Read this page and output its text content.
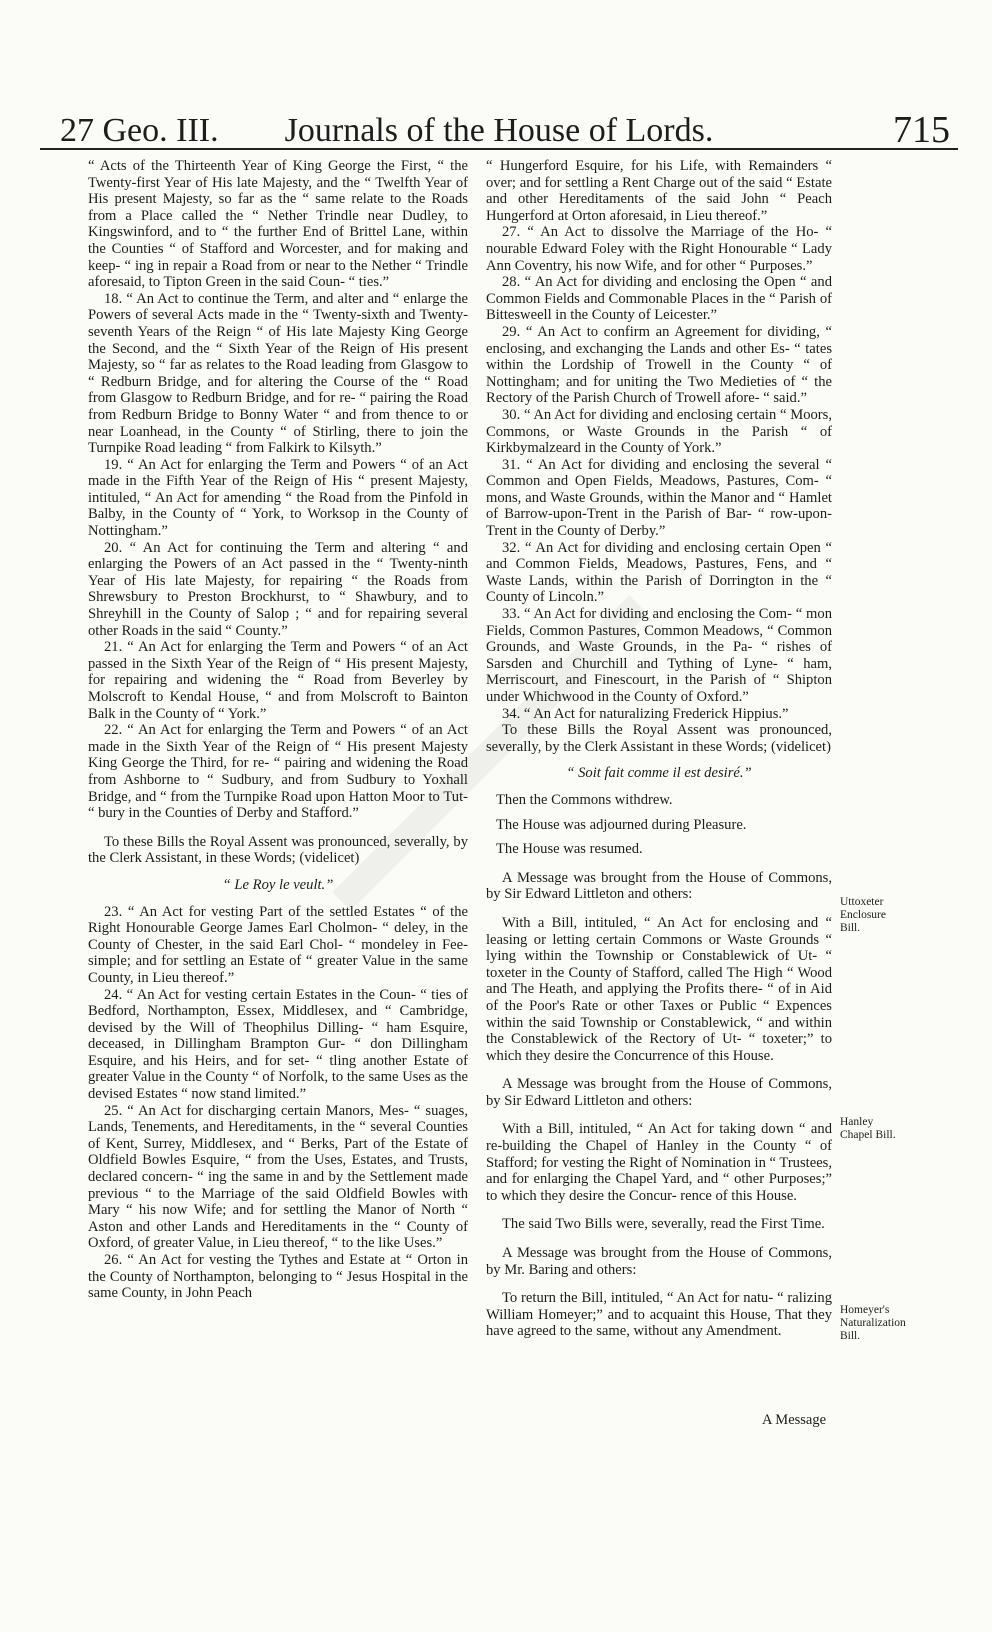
27 Geo. III.	Journals of the House of Lords.	715

“ Acts of the Thirteenth Year of King George the First, “ the Twenty-first Year of His late Majesty, and the “ Twelfth Year of His present Majesty, so far as the “ same relate to the Roads from a Place called the “ Nether Trindle near Dudley, to Kingswinford, and to “ the further End of Brittel Lane, within the Counties “ of Stafford and Worcester, and for making and keep- “ ing in repair a Road from or near to the Nether “ Trindle aforesaid, to Tipton Green in the said Coun- “ ties.”

18. “ An Act to continue the Term, and alter and “ enlarge the Powers of several Acts made in the “ Twenty-sixth and Twenty-seventh Years of the Reign “ of His late Majesty King George the Second, and the “ Sixth Year of the Reign of His present Majesty, so “ far as relates to the Road leading from Glasgow to “ Redburn Bridge, and for altering the Course of the “ Road from Glasgow to Redburn Bridge, and for re- “ pairing the Road from Redburn Bridge to Bonny Water “ and from thence to or near Loanhead, in the County “ of Stirling, there to join the Turnpike Road leading “ from Falkirk to Kilsyth.”

19. “ An Act for enlarging the Term and Powers “ of an Act made in the Fifth Year of the Reign of His “ present Majesty, intituled, “ An Act for amending “ the Road from the Pinfold in Balby, in the County of “ York, to Worksop in the County of Nottingham.”

20. “ An Act for continuing the Term and altering “ and enlarging the Powers of an Act passed in the “ Twenty-ninth Year of His late Majesty, for repairing “ the Roads from Shrewsbury to Preston Brockhurst, to “ Shawbury, and to Shreyhill in the County of Salop ; “ and for repairing several other Roads in the said “ County.”

21. “ An Act for enlarging the Term and Powers “ of an Act passed in the Sixth Year of the Reign of “ His present Majesty, for repairing and widening the “ Road from Beverley by Molscroft to Kendal House, “ and from Molscroft to Bainton Balk in the County of “ York.”

22. “ An Act for enlarging the Term and Powers “ of an Act made in the Sixth Year of the Reign of “ His present Majesty King George the Third, for re- “ pairing and widening the Road from Ashborne to “ Sudbury, and from Sudbury to Yoxhall Bridge, and “ from the Turnpike Road upon Hatton Moor to Tut- “ bury in the Counties of Derby and Stafford.”

To these Bills the Royal Assent was pronounced, severally, by the Clerk Assistant, in these Words; (videlicet)

“ Le Roy le veult.”

23. “ An Act for vesting Part of the settled Estates “ of the Right Honourable George James Earl Cholmon- “ deley, in the County of Chester, in the said Earl Chol- “ mondeley in Fee-simple; and for settling an Estate of “ greater Value in the same County, in Lieu thereof.”

24. “ An Act for vesting certain Estates in the Coun- “ ties of Bedford, Northampton, Essex, Middlesex, and “ Cambridge, devised by the Will of Theophilus Dilling- “ ham Esquire, deceased, in Dillingham Brampton Gur- “ don Dillingham Esquire, and his Heirs, and for set- “ tling another Estate of greater Value in the County “ of Norfolk, to the same Uses as the devised Estates “ now stand limited.”

25. “ An Act for discharging certain Manors, Mes- “ suages, Lands, Tenements, and Hereditaments, in the “ several Counties of Kent, Surrey, Middlesex, and “ Berks, Part of the Estate of Oldfield Bowles Esquire, “ from the Uses, Estates, and Trusts, declared concern- “ ing the same in and by the Settlement made previous “ to the Marriage of the said Oldfield Bowles with Mary “ his now Wife; and for settling the Manor of North “ Aston and other Lands and Hereditaments in the “ County of Oxford, of greater Value, in Lieu thereof, “ to the like Uses.”

26. “ An Act for vesting the Tythes and Estate at “ Orton in the County of Northampton, belonging to “ Jesus Hospital in the same County, in John Peach

“ Hungerford Esquire, for his Life, with Remainders “ over; and for settling a Rent Charge out of the said “ Estate and other Hereditaments of the said John “ Peach Hungerford at Orton aforesaid, in Lieu thereof.”

27. “ An Act to dissolve the Marriage of the Ho- “ nourable Edward Foley with the Right Honourable “ Lady Ann Coventry, his now Wife, and for other “ Purposes.”

28. “ An Act for dividing and enclosing the Open “ and Common Fields and Commonable Places in the “ Parish of Bittesweell in the County of Leicester.”

29. “ An Act to confirm an Agreement for dividing, “ enclosing, and exchanging the Lands and other Es- “ tates within the Lordship of Trowell in the County “ of Nottingham; and for uniting the Two Medieties of “ the Rectory of the Parish Church of Trowell afore- “ said.”

30. “ An Act for dividing and enclosing certain “ Moors, Commons, or Waste Grounds in the Parish “ of Kirkbymalzeard in the County of York.”

31. “ An Act for dividing and enclosing the several “ Common and Open Fields, Meadows, Pastures, Com- “ mons, and Waste Grounds, within the Manor and “ Hamlet of Barrow-upon-Trent in the Parish of Bar- “ row-upon-Trent in the County of Derby.”

32. “ An Act for dividing and enclosing certain Open “ and Common Fields, Meadows, Pastures, Fens, and “ Waste Lands, within the Parish of Dorrington in the “ County of Lincoln.”

33. “ An Act for dividing and enclosing the Com- “ mon Fields, Common Pastures, Common Meadows, “ Common Grounds, and Waste Grounds, in the Pa- “ rishes of Sarsden and Churchill and Tything of Lyne- “ ham, Merriscourt, and Finescourt, in the Parish of “ Shipton under Whichwood in the County of Oxford.”

34. “ An Act for naturalizing Frederick Hippius.”

To these Bills the Royal Assent was pronounced, severally, by the Clerk Assistant in these Words; (videlicet)

“ Soit fait comme il est desiré.”

Then the Commons withdrew.

The House was adjourned during Pleasure.

The House was resumed.

A Message was brought from the House of Commons, by Sir Edward Littleton and others:

With a Bill, intituled, “ An Act for enclosing and “ leasing or letting certain Commons or Waste Grounds “ lying within the Township or Constablewick of Ut- “ toxeter in the County of Stafford, called The High “ Wood and The Heath, and applying the Profits there- “ of in Aid of the Poor's Rate or other Taxes or Public “ Expences within the said Township or Constablewick, “ and within the Constablewick of the Rectory of Ut- “ toxeter;” to which they desire the Concurrence of this House.

A Message was brought from the House of Commons, by Sir Edward Littleton and others:

With a Bill, intituled, “ An Act for taking down “ and re-building the Chapel of Hanley in the County “ of Stafford; for vesting the Right of Nomination in “ Trustees, and for enlarging the Chapel Yard, and “ other Purposes;” to which they desire the Concur- rence of this House.

The said Two Bills were, severally, read the First Time.

A Message was brought from the House of Commons, by Mr. Baring and others:

To return the Bill, intituled, “ An Act for natu- “ ralizing William Homeyer;” and to acquaint this House, That they have agreed to the same, without any Amendment.

Uttoxeter Enclosure Bill.
Hanley Chapel Bill.
Homeyer's Naturalization Bill.
A Message
